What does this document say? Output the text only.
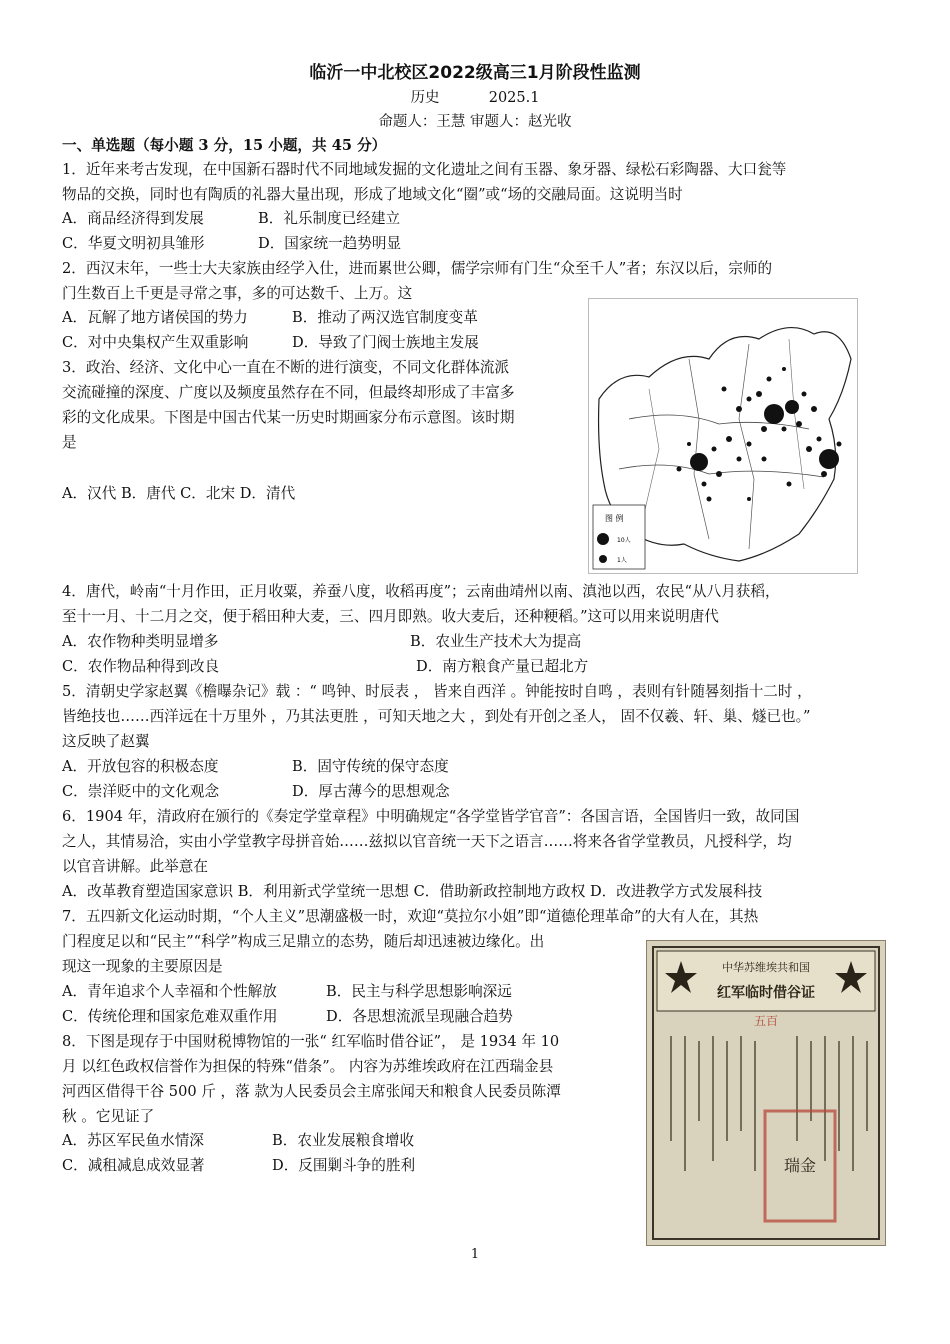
临沂一中北校区2022级高三1月阶段性监测
历史	2025.1
命题人：王慧 审题人：赵光收
一、单选题（每小题 3 分，15 小题，共 45 分）
1．近年来考古发现，在中国新石器时代不同地域发掘的文化遗址之间有玉器、象牙器、绿松石彩陶器、大口瓮等
物品的交换，同时也有陶质的礼器大量出现，形成了地域文化“圈”或“场的交融局面。这说明当时
A．商品经济得到发展	B．礼乐制度已经建立
C．华夏文明初具雏形	D．国家统一趋势明显
2．西汉末年，一些士大夫家族由经学入仕，进而累世公卿，儒学宗师有门生“众至千人”者；东汉以后，宗师的
门生数百上千更是寻常之事，多的可达数千、上万。这
A．瓦解了地方诸侯国的势力	B．推动了两汉选官制度变革
C．对中央集权产生双重影响	D．导致了门阀士族地主发展
3．政治、经济、文化中心一直在不断的进行演变，不同文化群体流派
交流碰撞的深度、广度以及频度虽然存在不同，但最终却形成了丰富多
彩的文化成果。下图是中国古代某一历史时期画家分布示意图。该时期
是
A．汉代 B．唐代 C．北宋 D．清代
图 例
10人
1人
4．唐代，岭南“十月作田，正月收粟，养蚕八度，收稻再度”；云南曲靖州以南、滇池以西，农民“从八月获稻，
至十一月、十二月之交，便于稻田种大麦，三、四月即熟。收大麦后，还种粳稻。”这可以用来说明唐代
A．农作物种类明显增多	B．农业生产技术大为提高
C．农作物品种得到改良	D．南方粮食产量已超北方
5．清朝史学家赵翼《檐曝杂记》载 ：“ 鸣钟、时辰表 ， 皆来自西洋 。钟能按时自鸣 ，表则有针随晷刻指十二时 ，
皆绝技也……西洋远在十万里外 ，乃其法更胜 ，可知天地之大 ，到处有开创之圣人， 固不仅羲、轩、巢、燧已也。”
这反映了赵翼
A．开放包容的积极态度	B．固守传统的保守态度
C．崇洋贬中的文化观念	D．厚古薄今的思想观念
6．1904 年，清政府在颁行的《奏定学堂章程》中明确规定“各学堂皆学官音”：各国言语，全国皆归一致，故同国
之人，其情易洽，实由小学堂教字母拼音始……兹拟以官音统一天下之语言……将来各省学堂教员，凡授科学，均
以官音讲解。此举意在
A．改革教育塑造国家意识 B．利用新式学堂统一思想 C．借助新政控制地方政权 D．改进教学方式发展科技
7．五四新文化运动时期，“个人主义”思潮盛极一时，欢迎“莫拉尔小姐”即“道德伦理革命”的大有人在，其热
门程度足以和“民主”“科学”构成三足鼎立的态势，随后却迅速被边缘化。出
现这一现象的主要原因是
A．青年追求个人幸福和个性解放	B．民主与科学思想影响深远
C．传统伦理和国家危难双重作用	D．各思想流派呈现融合趋势
8．下图是现存于中国财税博物馆的一张“ 红军临时借谷证”， 是 1934 年 10
月 以红色政权信誉作为担保的特殊“借条”。 内容为苏维埃政府在江西瑞金县
河西区借得干谷 500 斤 ，落 款为人民委员会主席张闻天和粮食人民委员陈潭
秋 。它见证了
A．苏区军民鱼水情深	B．农业发展粮食增收
C．减租减息成效显著	D．反围剿斗争的胜利
中华苏维埃共和国
红军临时借谷证
五百
瑞金
1
